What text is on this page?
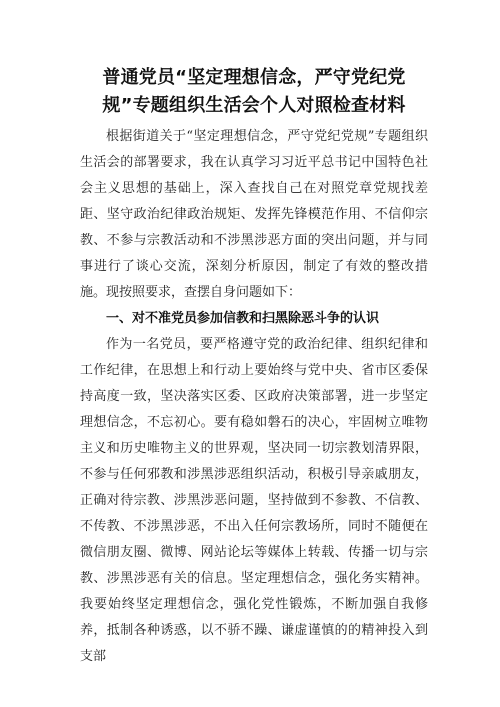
普通党员“坚定理想信念，严守党纪党
规”专题组织生活会个人对照检查材料

根据街道关于“坚定理想信念，严守党纪党规”专题组织生活会的部署要求，我在认真学习习近平总书记中国特色社会主义思想的基础上，深入查找自己在对照党章党规找差距、坚守政治纪律政治规矩、发挥先锋模范作用、不信仰宗教、不参与宗教活动和不涉黑涉恶方面的突出问题，并与同事进行了谈心交流，深刻分析原因，制定了有效的整改措施。现按照要求，查摆自身问题如下：

一、对不准党员参加信教和扫黑除恶斗争的认识

作为一名党员，要严格遵守党的政治纪律、组织纪律和工作纪律，在思想上和行动上要始终与党中央、省市区委保持高度一致，坚决落实区委、区政府决策部署，进一步坚定理想信念，不忘初心。要有稳如磐石的决心，牢固树立唯物主义和历史唯物主义的世界观，坚决同一切宗教划清界限，不参与任何邪教和涉黑涉恶组织活动，积极引导亲戚朋友，正确对待宗教、涉黑涉恶问题，坚持做到不参教、不信教、不传教、不涉黑涉恶，不出入任何宗教场所，同时不随便在微信朋友圈、微博、网站论坛等媒体上转载、传播一切与宗教、涉黑涉恶有关的信息。坚定理想信念，强化务实精神。我要始终坚定理想信念，强化党性锻炼，不断加强自我修养，抵制各种诱惑，以不骄不躁、谦虚谨慎的的精神投入到支部
